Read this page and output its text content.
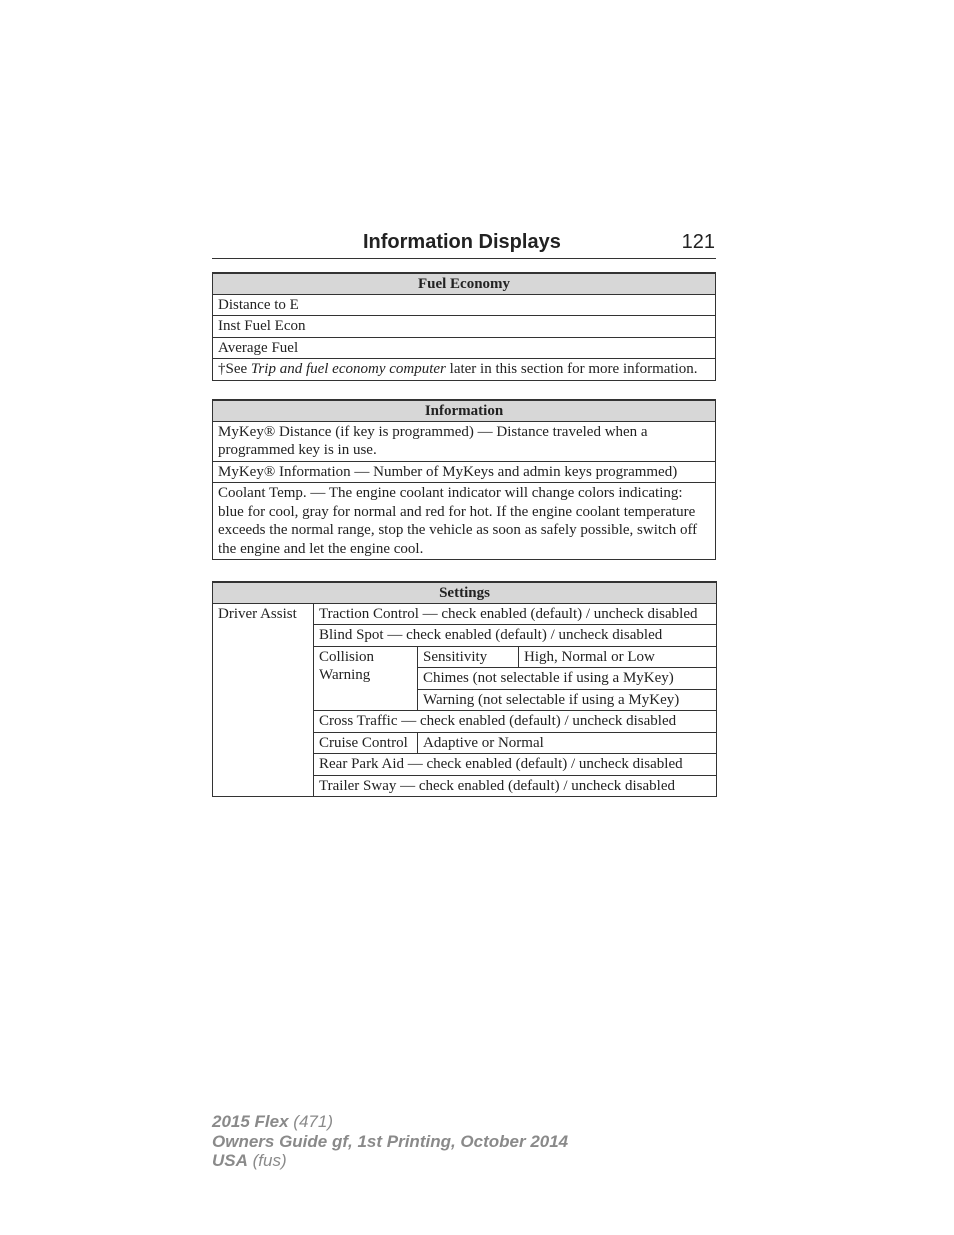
Information Displays	121
Fuel Economy
Distance to E
Inst Fuel Econ
Average Fuel
†See Trip and fuel economy computer later in this section for more information.
Information
MyKey® Distance (if key is programmed) — Distance traveled when a programmed key is in use.
MyKey® Information — Number of MyKeys and admin keys programmed)
Coolant Temp. — The engine coolant indicator will change colors indicating: blue for cool, gray for normal and red for hot. If the engine coolant temperature exceeds the normal range, stop the vehicle as soon as safely possible, switch off the engine and let the engine cool.
Settings			
Driver Assist	Traction Control — check enabled (default) / uncheck disabled		
	Blind Spot — check enabled (default) / uncheck disabled		
	Collision Warning	Sensitivity	High, Normal or Low
		Chimes (not selectable if using a MyKey)	
		Warning (not selectable if using a MyKey)	
	Cross Traffic — check enabled (default) / uncheck disabled		
	Cruise Control	Adaptive or Normal	
	Rear Park Aid — check enabled (default) / uncheck disabled		
	Trailer Sway — check enabled (default) / uncheck disabled		
2015 Flex (471)
Owners Guide gf, 1st Printing, October 2014
USA (fus)
